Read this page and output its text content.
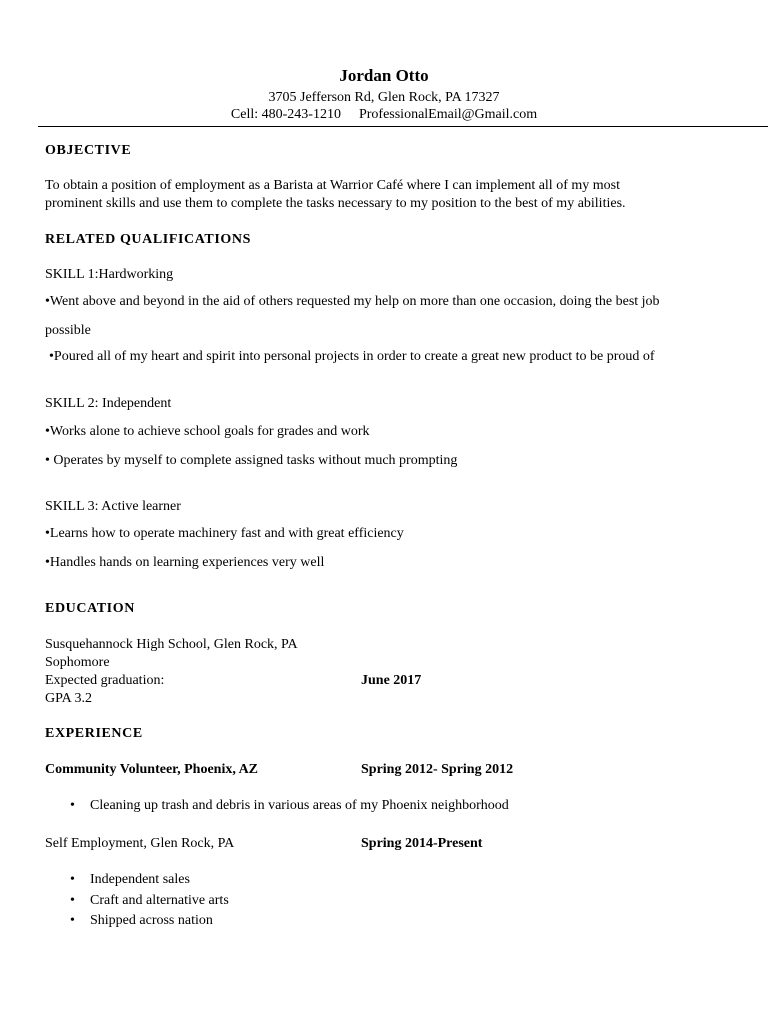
Jordan Otto
3705 Jefferson Rd, Glen Rock, PA 17327
Cell: 480-243-1210 ProfessionalEmail@Gmail.com
OBJECTIVE
To obtain a position of employment as a Barista at Warrior Café where I can implement all of my most
prominent skills and use them to complete the tasks necessary to my position to the best of my abilities.
RELATED QUALIFICATIONS
SKILL 1:Hardworking
•Went above and beyond in the aid of others requested my help on more than one occasion, doing the best job
possible
•Poured all of my heart and spirit into personal projects in order to create a great new product to be proud of
SKILL 2: Independent
•Works alone to achieve school goals for grades and work
• Operates by myself to complete assigned tasks without much prompting
SKILL 3: Active learner
•Learns how to operate machinery fast and with great efficiency
•Handles hands on learning experiences very well
EDUCATION
Susquehannock High School, Glen Rock, PA
Sophomore
Expected graduation:	June 2017
GPA 3.2
EXPERIENCE
Community Volunteer, Phoenix, AZ	Spring 2012- Spring 2012
• Cleaning up trash and debris in various areas of my Phoenix neighborhood
Self Employment, Glen Rock, PA	Spring 2014-Present
• Independent sales
• Craft and alternative arts
• Shipped across nation
